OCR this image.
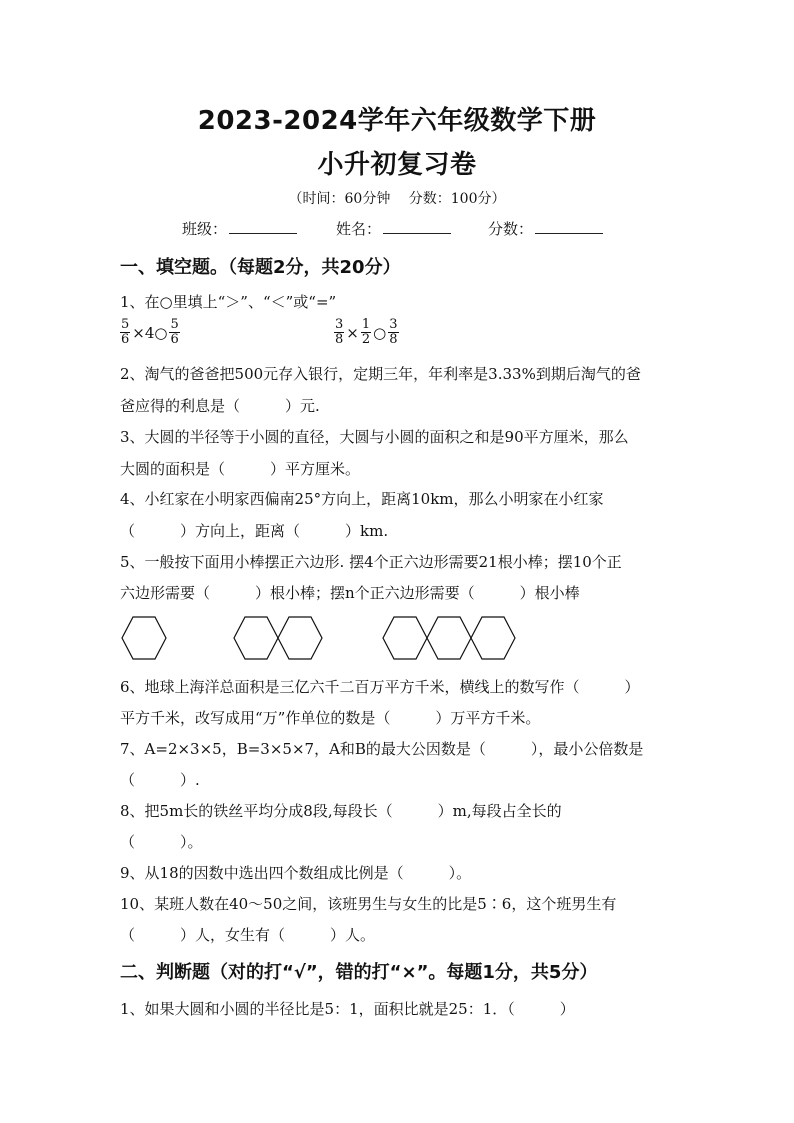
2023-2024学年六年级数学下册
小升初复习卷
（时间：60分钟　 分数：100分）
班级：	姓名：	分数：
一、填空题。（每题2分，共20分）
1、在○里填上“＞”、“＜”或“=”
$\frac{5}{6}$ ×4○ $\frac{5}{6}$	$\frac{3}{8} \times \frac{1}{2}$ ○ $\frac{3}{8}$
2、淘气的爸爸把500元存入银行，定期三年，年利率是3.33%到期后淘气的爸
爸应得的利息是（　　　）元.
3、大圆的半径等于小圆的直径，大圆与小圆的面积之和是90平方厘米，那么
大圆的面积是（　　　）平方厘米。
4、小红家在小明家西偏南25°方向上，距离10km，那么小明家在小红家
（　　　）方向上，距离（　　　）km.
5、一般按下面用小棒摆正六边形. 摆4个正六边形需要21根小棒；摆10个正
六边形需要（　　　）根小棒；摆n个正六边形需要（　　　）根小棒
6、地球上海洋总面积是三亿六千二百万平方千米，横线上的数写作（　　　）
平方千米，改写成用“万”作单位的数是（　　　）万平方千米。
7、A=2×3×5，B=3×5×7，A和B的最大公因数是（　　　），最小公倍数是
（　　　）.
8、把5m长的铁丝平均分成8段,每段长（　　　）m,每段占全长的
（　　　）。
9、从18的因数中选出四个数组成比例是（　　　）。
10、某班人数在40～50之间，该班男生与女生的比是5∶6，这个班男生有
（　　　）人，女生有（　　　）人。
二、判断题（对的打“√”，错的打“×”。每题1分，共5分）
1、如果大圆和小圆的半径比是5：1，面积比就是25：1．（　　　）
